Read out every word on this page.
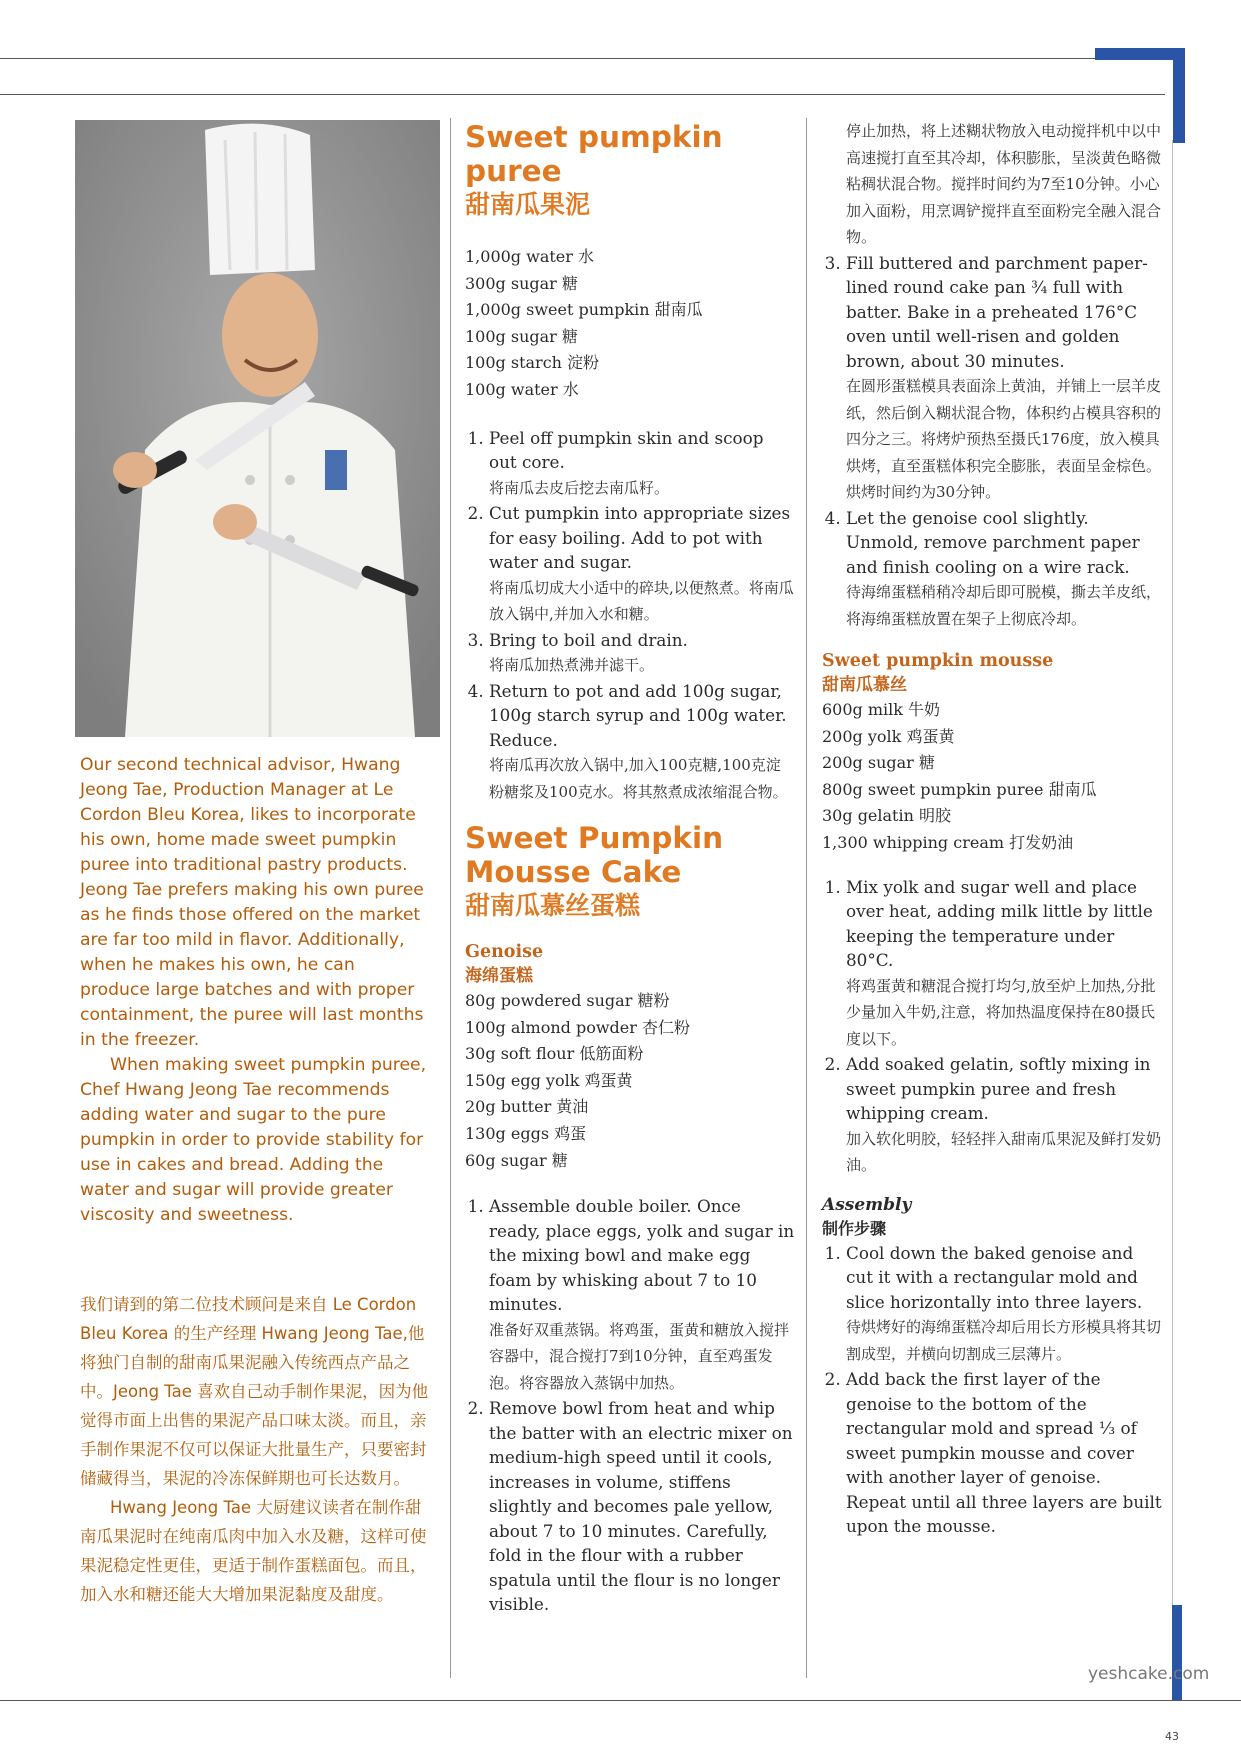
Our second technical advisor, Hwang Jeong Tae, Production Manager at Le Cordon Bleu Korea, likes to incorporate his own, home made sweet pumpkin puree into traditional pastry products. Jeong Tae prefers making his own puree as he finds those offered on the market are far too mild in flavor. Additionally, when he makes his own, he can produce large batches and with proper containment, the puree will last months in the freezer.

When making sweet pumpkin puree, Chef Hwang Jeong Tae recommends adding water and sugar to the pure pumpkin in order to provide stability for use in cakes and bread. Adding the water and sugar will provide greater viscosity and sweetness.

我们请到的第二位技术顾问是来自 Le Cordon Bleu Korea 的生产经理 Hwang Jeong Tae,他将独门自制的甜南瓜果泥融入传统西点产品之中。Jeong Tae 喜欢自己动手制作果泥，因为他觉得市面上出售的果泥产品口味太淡。而且，亲手制作果泥不仅可以保证大批量生产，只要密封储藏得当，果泥的冷冻保鲜期也可长达数月。

Hwang Jeong Tae 大厨建议读者在制作甜南瓜果泥时在纯南瓜肉中加入水及糖，这样可使果泥稳定性更佳，更适于制作蛋糕面包。而且，加入水和糖还能大大增加果泥黏度及甜度。

Sweet pumpkin puree
甜南瓜果泥
1,000g water 水
300g sugar 糖
1,000g sweet pumpkin 甜南瓜
100g sugar 糖
100g starch 淀粉
100g water 水
1. Peel off pumpkin skin and scoop out core.
将南瓜去皮后挖去南瓜籽。
2. Cut pumpkin into appropriate sizes for easy boiling. Add to pot with water and sugar.
将南瓜切成大小适中的碎块,以便熬煮。将南瓜放入锅中,并加入水和糖。
3. Bring to boil and drain.
将南瓜加热煮沸并滤干。
4. Return to pot and add 100g sugar, 100g starch syrup and 100g water. Reduce.
将南瓜再次放入锅中,加入100克糖,100克淀粉糖浆及100克水。将其熬煮成浓缩混合物。
Sweet Pumpkin Mousse Cake
甜南瓜慕丝蛋糕
Genoise
海绵蛋糕
80g powdered sugar 糖粉
100g almond powder 杏仁粉
30g soft flour 低筋面粉
150g egg yolk 鸡蛋黄
20g butter 黄油
130g eggs 鸡蛋
60g sugar 糖
1. Assemble double boiler. Once ready, place eggs, yolk and sugar in the mixing bowl and make egg foam by whisking about 7 to 10 minutes.
准备好双重蒸锅。将鸡蛋，蛋黄和糖放入搅拌容器中，混合搅打7到10分钟，直至鸡蛋发泡。将容器放入蒸锅中加热。
2. Remove bowl from heat and whip the batter with an electric mixer on medium-high speed until it cools, increases in volume, stiffens slightly and becomes pale yellow, about 7 to 10 minutes. Carefully, fold in the flour with a rubber spatula until the flour is no longer visible.
停止加热，将上述糊状物放入电动搅拌机中以中高速搅打直至其冷却，体积膨胀，呈淡黄色略微粘稠状混合物。搅拌时间约为7至10分钟。小心加入面粉，用烹调铲搅拌直至面粉完全融入混合物。
3. Fill buttered and parchment paper-lined round cake pan ¾ full with batter. Bake in a preheated 176°C oven until well-risen and golden brown, about 30 minutes.
在圆形蛋糕模具表面涂上黄油，并铺上一层羊皮纸，然后倒入糊状混合物，体积约占模具容积的四分之三。将烤炉预热至摄氏176度，放入模具烘烤，直至蛋糕体积完全膨胀，表面呈金棕色。烘烤时间约为30分钟。
4. Let the genoise cool slightly. Unmold, remove parchment paper and finish cooling on a wire rack.
待海绵蛋糕稍稍冷却后即可脱模，撕去羊皮纸，将海绵蛋糕放置在架子上彻底冷却。
Sweet pumpkin mousse
甜南瓜慕丝
600g milk 牛奶
200g yolk 鸡蛋黄
200g sugar 糖
800g sweet pumpkin puree 甜南瓜
30g gelatin 明胶
1,300 whipping cream 打发奶油
1. Mix yolk and sugar well and place over heat, adding milk little by little keeping the temperature under 80°C.
将鸡蛋黄和糖混合搅打均匀,放至炉上加热,分批少量加入牛奶,注意，将加热温度保持在80摄氏度以下。
2. Add soaked gelatin, softly mixing in sweet pumpkin puree and fresh whipping cream.
加入软化明胶，轻轻拌入甜南瓜果泥及鲜打发奶油。
Assembly
制作步骤
1. Cool down the baked genoise and cut it with a rectangular mold and slice horizontally into three layers.
待烘烤好的海绵蛋糕冷却后用长方形模具将其切割成型，并横向切割成三层薄片。
2. Add back the first layer of the genoise to the bottom of the rectangular mold and spread ⅓ of sweet pumpkin mousse and cover with another layer of genoise. Repeat until all three layers are built upon the mousse.
yeshcake.com
43
